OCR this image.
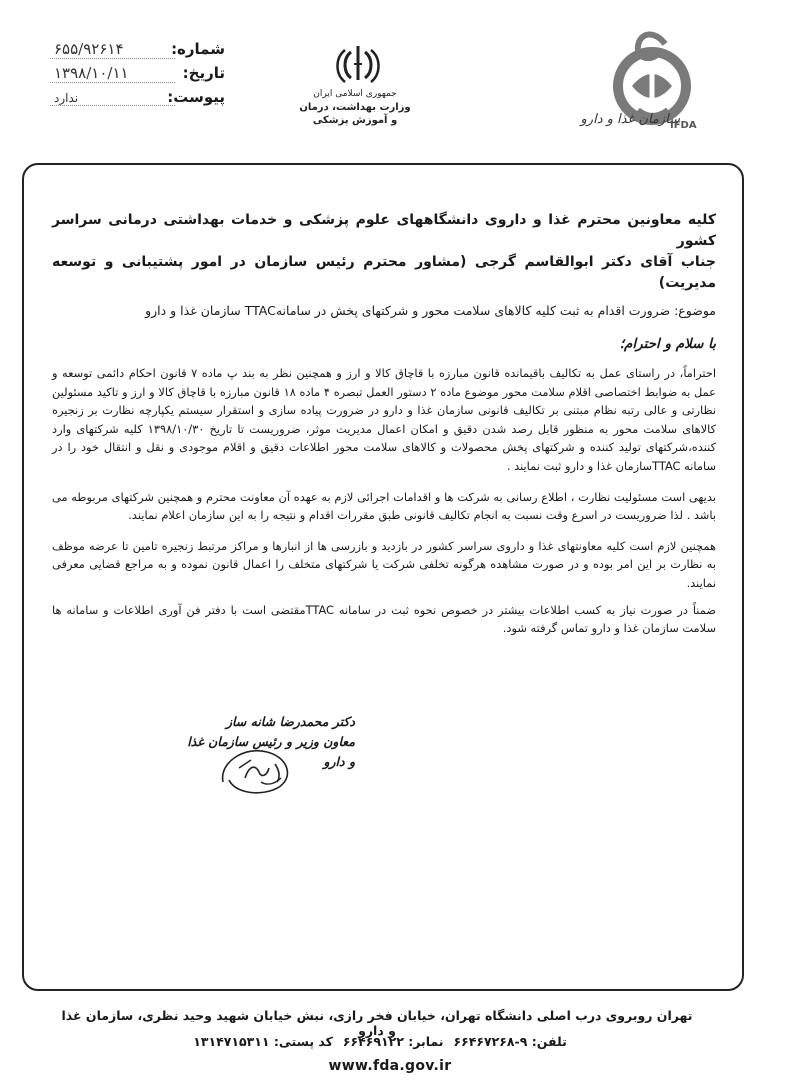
سازمان غذا و دارو
IFDA
جمهوری اسلامی ایران
وزارت بهداشت، درمان
و آموزش پزشکی
شماره:
۶۵۵/۹۲۶۱۴
تاریخ:
۱۳۹۸/۱۰/۱۱
پیوست:
ندارد

کلیه معاونین محترم غذا و داروی دانشگاههای علوم پزشکی و خدمات بهداشتی درمانی سراسر کشور

جناب آقای دکتر ابوالقاسم گرجی (مشاور محترم رئیس سازمان در امور پشتیبانی و توسعه مدیریت)

موضوع: ضرورت اقدام به ثبت کلیه کالاهای سلامت محور و شرکتهای پخش در سامانهTTAC سازمان غذا و دارو

با سلام و احترام؛

احتراماً، در راستای عمل به تکالیف باقیمانده قانون مبارزه با قاچاق کالا و ارز و همچنین نظر به بند پ ماده ۷ قانون احکام دائمی توسعه و عمل به ضوابط اختصاصی اقلام سلامت محور موضوع ماده ۲ دستور العمل تبصره ۴ ماده ۱۸ قانون مبارزه با قاچاق کالا و ارز و تاکید مسئولین نظارتی و عالی رتبه نظام مبتنی بر تکالیف قانونی سازمان غذا و دارو در ضرورت پیاده سازی و استقرار سیستم یکپارچه نظارت بر زنجیره کالاهای سلامت محور به منظور قابل رصد شدن دقیق و امکان اعمال مدیریت موثر، ضروریست تا تاریخ ۱۳۹۸/۱۰/۳۰ کلیه شرکتهای وارد کننده،شرکتهای تولید کننده و شرکتهای پخش محصولات و کالاهای سلامت محور اطلاعات دقیق و اقلام موجودی و نقل و انتقال خود را در سامانه TTACسازمان غذا و دارو ثبت نمایند .

بدیهی است مسئولیت نظارت ، اطلاع رسانی به شرکت ها و اقدامات اجرائی لازم به عهده آن معاونت محترم و همچنین شرکتهای مربوطه می باشد . لذا ضروریست در اسرع وقت نسبت به انجام تکالیف قانونی طبق مقررات اقدام و نتیجه را به این سازمان اعلام نمایند.

همچنین لازم است کلیه معاونتهای غذا و داروی سراسر کشور در بازدید و بازرسی ها از انبارها و مراکز مرتبط زنجیره تامین تا عرضه موظف به نظارت بر این امر بوده و در صورت مشاهده هرگونه تخلفی شرکت یا شرکتهای متخلف را اعمال قانون نموده و به مراجع قضایی معرفی نمایند.

ضمناً در صورت نیاز به کسب اطلاعات بیشتر در خصوص نحوه ثبت در سامانه TTACمقتضی است با دفتر فن آوری اطلاعات و سامانه ها سلامت سازمان غذا و دارو تماس گرفته شود.

دکتر محمدرضا شانه ساز

معاون وزیر و رئیس سازمان غذا و دارو

تهران روبروی درب اصلی دانشگاه تهران، خیابان فخر رازی، نبش خیابان شهید وحید نظری، سازمان غذا و دارو
تلفن: ۹-۶۶۴۶۷۲۶۸
نمابر: ۶۶۴۶۹۱۲۲
کد پستی: ۱۳۱۴۷۱۵۳۱۱
www.fda.gov.ir
